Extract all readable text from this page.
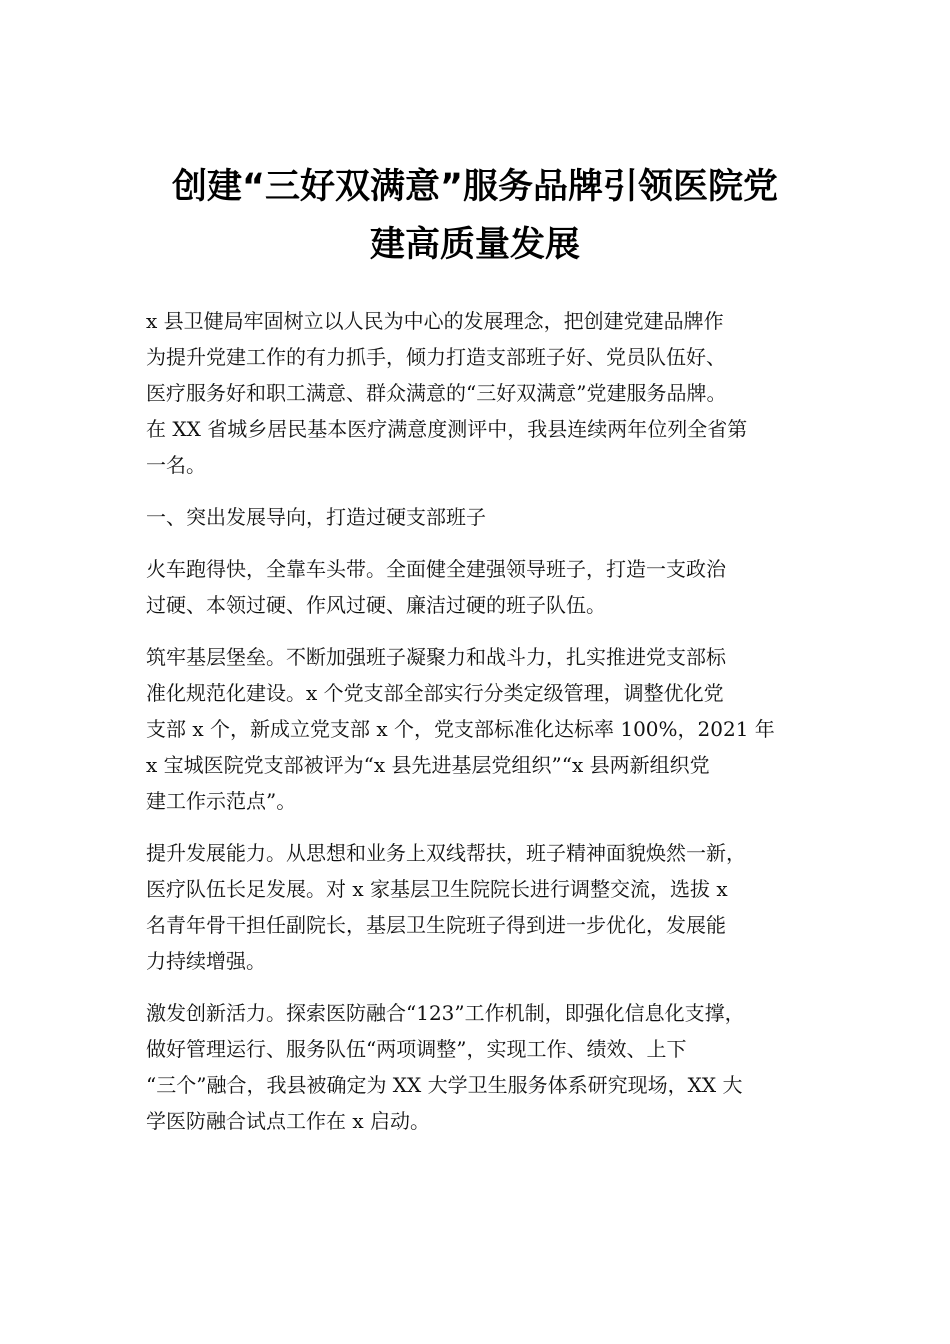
创建“三好双满意”服务品牌引领医院党
建高质量发展

x 县卫健局牢固树立以人民为中心的发展理念，把创建党建品牌作
为提升党建工作的有力抓手，倾力打造支部班子好、党员队伍好、
医疗服务好和职工满意、群众满意的“三好双满意”党建服务品牌。
在 XX 省城乡居民基本医疗满意度测评中，我县连续两年位列全省第
一名。

一、突出发展导向，打造过硬支部班子

火车跑得快，全靠车头带。全面健全建强领导班子，打造一支政治
过硬、本领过硬、作风过硬、廉洁过硬的班子队伍。

筑牢基层堡垒。不断加强班子凝聚力和战斗力，扎实推进党支部标
准化规范化建设。x 个党支部全部实行分类定级管理，调整优化党
支部 x 个，新成立党支部 x 个，党支部标准化达标率 100%，2021 年
x 宝城医院党支部被评为“x 县先进基层党组织”“x 县两新组织党
建工作示范点”。

提升发展能力。从思想和业务上双线帮扶，班子精神面貌焕然一新，
医疗队伍长足发展。对 x 家基层卫生院院长进行调整交流，选拔 x
名青年骨干担任副院长，基层卫生院班子得到进一步优化，发展能
力持续增强。

激发创新活力。探索医防融合“123”工作机制，即强化信息化支撑，
做好管理运行、服务队伍“两项调整”，实现工作、绩效、上下
“三个”融合，我县被确定为 XX 大学卫生服务体系研究现场，XX 大
学医防融合试点工作在 x 启动。
